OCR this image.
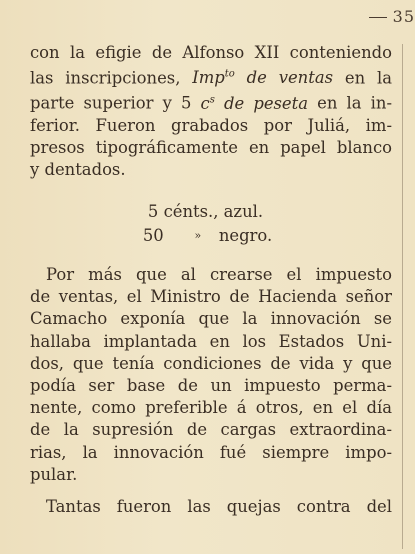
35
con la efigie de Alfonso XII conteniendo
las inscripciones, Imp$^{to}$ de ventas en la
parte superior y 5 $c^s$ de peseta en la in-
ferior. Fueron grabados por Juliá, im-
presos tipográficamente en papel blanco
y dentados.
5
cénts.,
azul.
50	»	negro.
Por más que al crearse el impuesto
de ventas, el Ministro de Hacienda señor
Camacho exponía que la innovación se
hallaba implantada en los Estados Uni-
dos, que tenía condiciones de vida y que
podía ser base de un impuesto perma-
nente, como preferible á otros, en el día
de la supresión de cargas extraordina-
rias, la innovación fué siempre impo-
pular.
Tantas fueron las quejas contra del
